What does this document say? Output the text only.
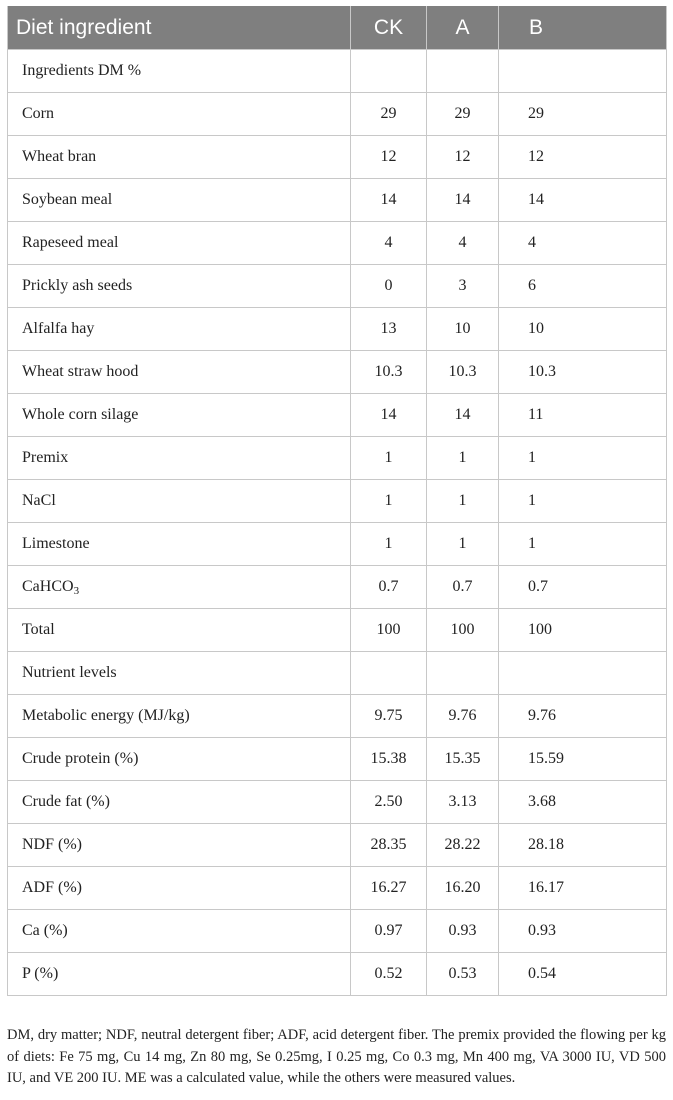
Diet ingredient	CK	A	B
Ingredients DM %			
Corn	29	29	29
Wheat bran	12	12	12
Soybean meal	14	14	14
Rapeseed meal	4	4	4
Prickly ash seeds	0	3	6
Alfalfa hay	13	10	10
Wheat straw hood	10.3	10.3	10.3
Whole corn silage	14	14	11
Premix	1	1	1
NaCl	1	1	1
Limestone	1	1	1
CaHCO$_3$	0.7	0.7	0.7
Total	100	100	100
Nutrient levels			
Metabolic energy (MJ/kg)	9.75	9.76	9.76
Crude protein (%)	15.38	15.35	15.59
Crude fat (%)	2.50	3.13	3.68
NDF (%)	28.35	28.22	28.18
ADF (%)	16.27	16.20	16.17
Ca (%)	0.97	0.93	0.93
P (%)	0.52	0.53	0.54
DM, dry matter; NDF, neutral detergent fiber; ADF, acid detergent fiber. The premix provided the flowing per kg of diets: Fe 75 mg, Cu 14 mg, Zn 80 mg, Se 0.25mg, I 0.25 mg, Co 0.3 mg, Mn 400 mg, VA 3000 IU, VD 500 IU, and VE 200 IU. ME was a calculated value, while the others were measured values.
